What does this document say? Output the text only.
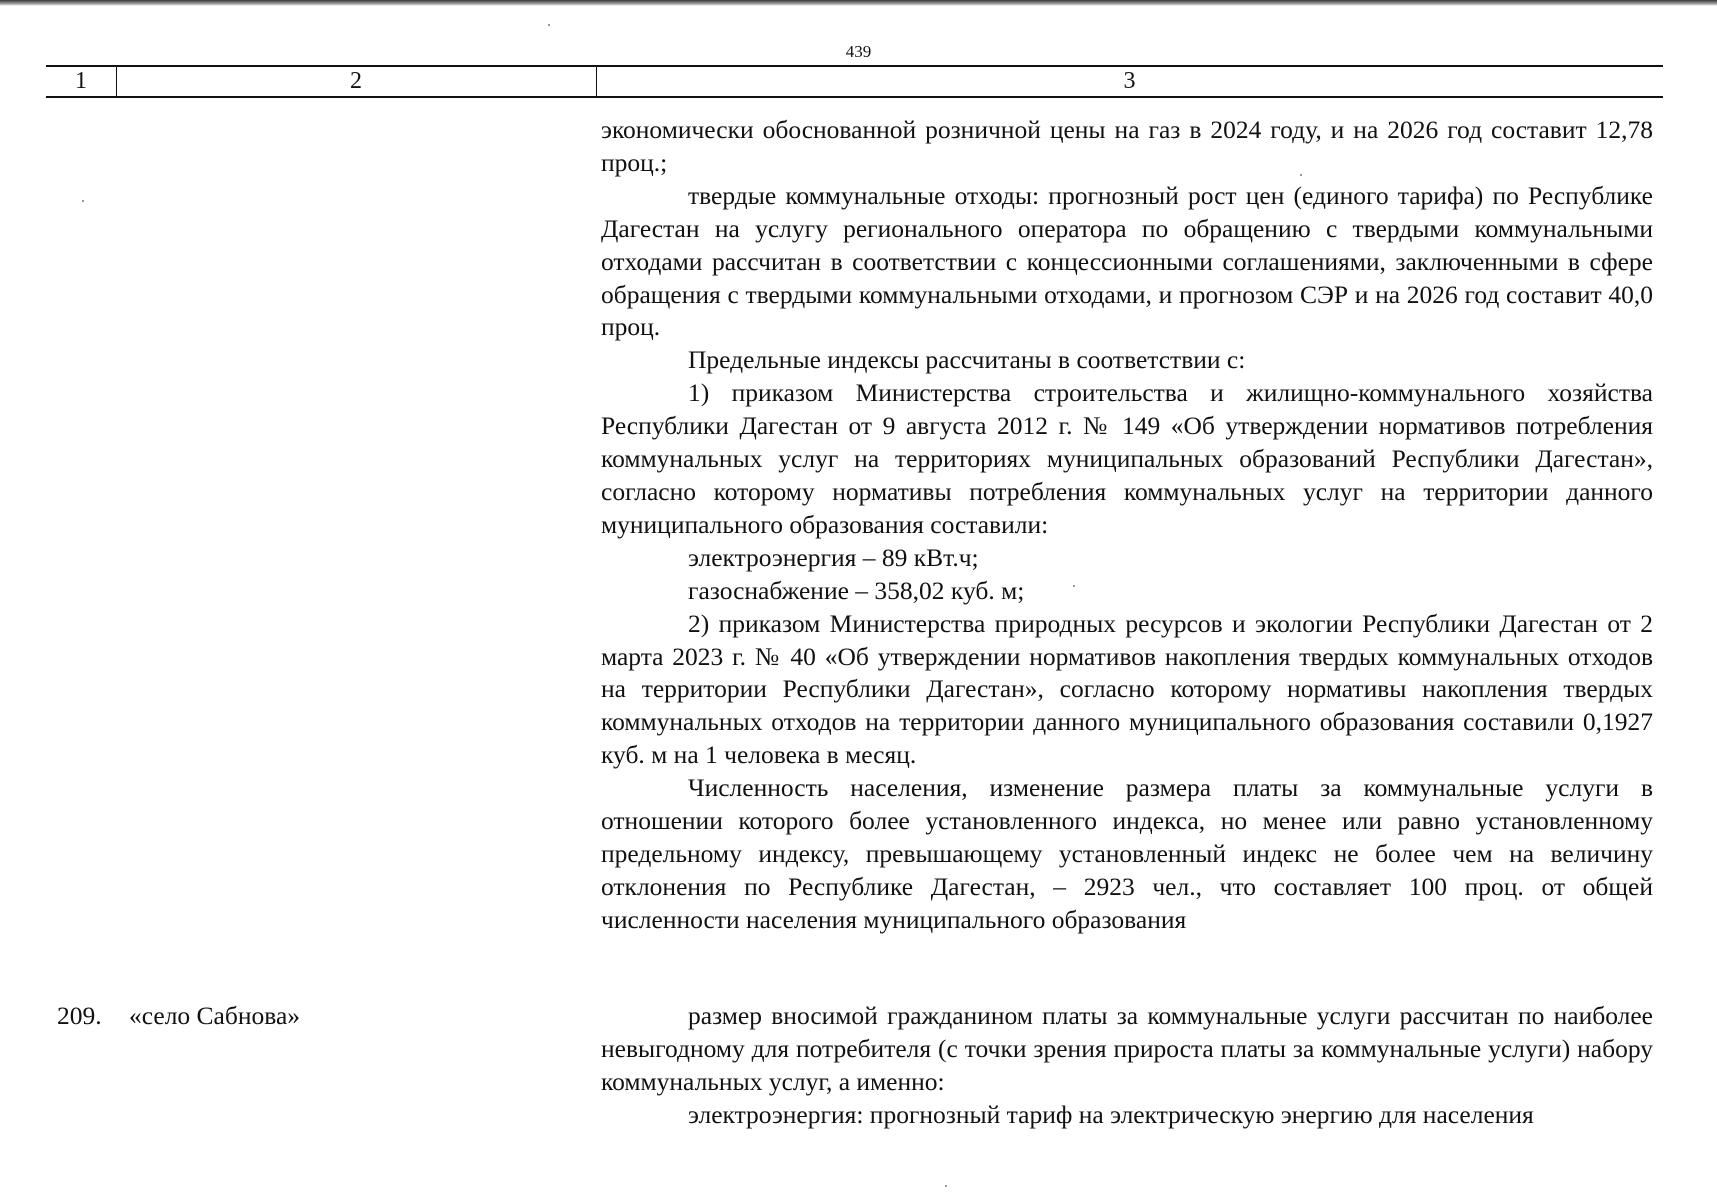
439
1	2	3

экономически обоснованной розничной цены на газ в 2024 году, и на 2026 год составит 12,78 проц.;

твердые коммунальные отходы: прогнозный рост цен (единого тарифа) по Республике Дагестан на услугу регионального оператора по обращению с твердыми коммунальными отходами рассчитан в соответствии с концессионными соглашениями, заключенными в сфере обращения с твердыми коммунальными отходами, и прогнозом СЭР и на 2026 год составит 40,0 проц.

Предельные индексы рассчитаны в соответствии с:

1) приказом Министерства строительства и жилищно-коммунального хозяйства Республики Дагестан от 9 августа 2012 г. № 149 «Об утверждении нормативов потребления коммунальных услуг на территориях муниципальных образований Республики Дагестан», согласно которому нормативы потребления коммунальных услуг на территории данного муниципального образования составили:

электроэнергия – 89 кВт.ч;

газоснабжение – 358,02 куб. м;

2) приказом Министерства природных ресурсов и экологии Республики Дагестан от 2 марта 2023 г. № 40 «Об утверждении нормативов накопления твердых коммунальных отходов на территории Республики Дагестан», согласно которому нормативы накопления твердых коммунальных отходов на территории данного муниципального образования составили 0,1927 куб. м на 1 человека в месяц.

Численность населения, изменение размера платы за коммунальные услуги в отношении которого более установленного индекса, но менее или равно установленному предельному индексу, превышающему установленный индекс не более чем на величину отклонения по Республике Дагестан, – 2923 чел., что составляет 100 проц. от общей численности населения муниципального образования

209. «село Сабнова»	размер вносимой гражданином платы за коммунальные услуги рассчитан по наиболее невыгодному для потребителя (с точки зрения прироста платы за коммунальные услуги) набору коммунальных услуг, а именно:

электроэнергия: прогнозный тариф на электрическую энергию для населения
